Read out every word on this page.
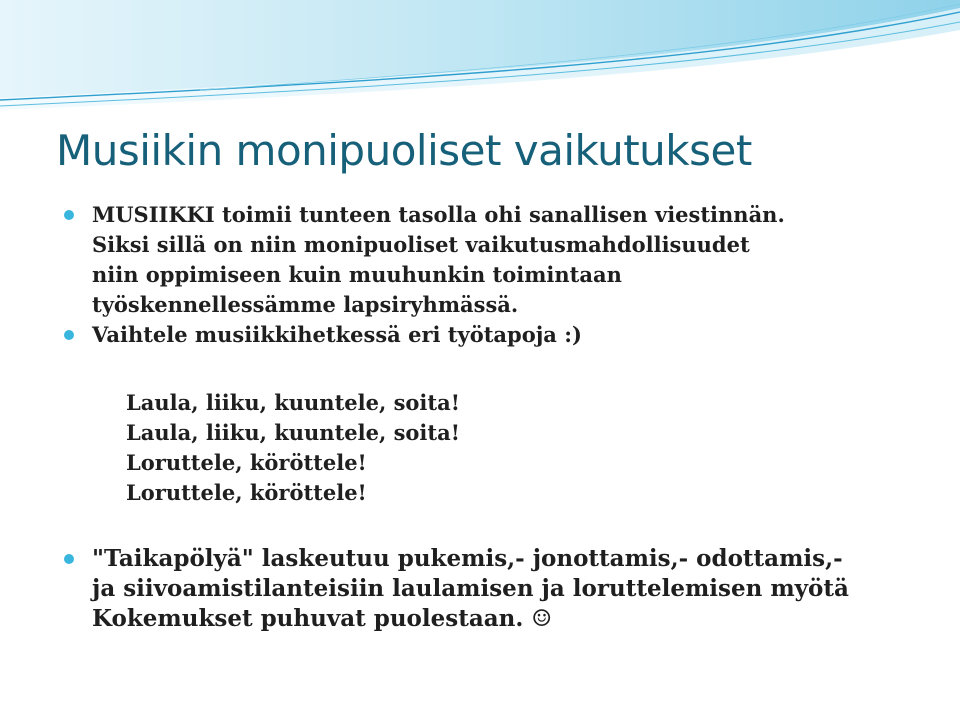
Musiikin monipuoliset vaikutukset
MUSIIKKI toimii tunteen tasolla ohi sanallisen viestinnän.
Siksi sillä on niin monipuoliset vaikutusmahdollisuudet
niin oppimiseen kuin muuhunkin toimintaan
työskennellessämme lapsiryhmässä.
Vaihtele musiikkihetkessä eri työtapoja :)
Laula, liiku, kuuntele, soita!
Laula, liiku, kuuntele, soita!
Loruttele, köröttele!
Loruttele, köröttele!
"Taikapölyä" laskeutuu pukemis,- jonottamis,- odottamis,-
ja siivoamistilanteisiin laulamisen ja loruttelemisen myötä
Kokemukset puhuvat puolestaan. ☺
